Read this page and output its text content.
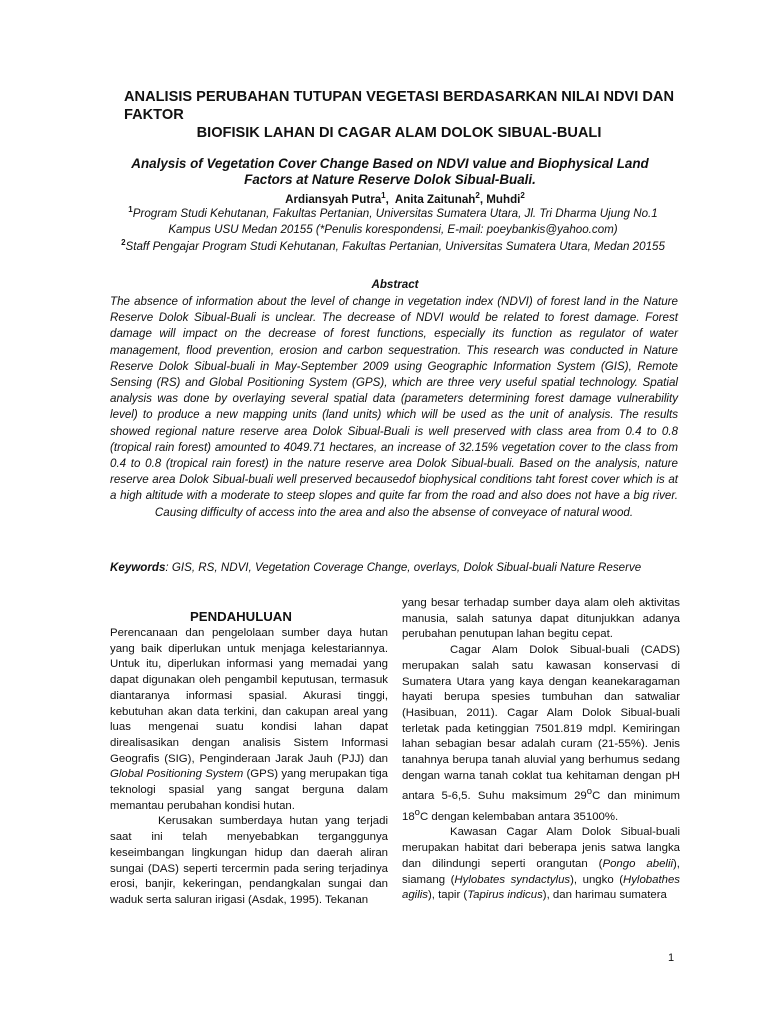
ANALISIS PERUBAHAN TUTUPAN VEGETASI BERDASARKAN NILAI NDVI DAN FAKTOR
BIOFISIK LAHAN DI CAGAR ALAM DOLOK SIBUAL-BUALI
Analysis of Vegetation Cover Change Based on NDVI value and Biophysical Land Factors at Nature Reserve Dolok Sibual-Buali.
Ardiansyah Putra$^1$,  Anita Zaitunah$^2$, Muhdi$^2$
$^1$Program Studi Kehutanan, Fakultas Pertanian, Universitas Sumatera Utara, Jl. Tri Dharma Ujung No.1 Kampus USU Medan 20155 (*Penulis korespondensi, E-mail: poeybankis@yahoo.com)
$^2$Staff Pengajar Program Studi Kehutanan, Fakultas Pertanian, Universitas Sumatera Utara, Medan 20155
Abstract

The absence of information about the level of change in vegetation index (NDVI) of forest land in the Nature Reserve Dolok Sibual-Buali is unclear. The decrease of NDVI would be related to forest damage. Forest damage will impact on the decrease of forest functions, especially its function as regulator of water management, flood prevention, erosion and carbon sequestration. This research was conducted in Nature Reserve Dolok Sibual-buali in May-September 2009 using Geographic Information System (GIS), Remote Sensing (RS) and Global Positioning System (GPS), which are three very useful spatial technology. Spatial analysis was done by overlaying several spatial data (parameters determining forest damage vulnerability level) to produce a new mapping units (land units) which will be used as the unit of analysis. The results showed regional nature reserve area Dolok Sibual-Buali is well preserved with class area from 0.4 to 0.8 (tropical rain forest) amounted to 4049.71 hectares, an increase of 32.15% vegetation cover to the class from 0.4 to 0.8 (tropical rain forest) in the nature reserve area Dolok Sibual-buali. Based on the analysis, nature reserve area Dolok Sibual-buali well preserved becausedof biophysical conditions taht forest cover which is at a high altitude with a moderate to steep slopes and quite far from the road and also does not have a big river. Causing difficulty of access into the area and also the absense of conveyace of natural wood.

Keywords: GIS, RS, NDVI, Vegetation Coverage Change, overlays, Dolok Sibual-buali Nature Reserve
PENDAHULUAN

Perencanaan dan pengelolaan sumber daya hutan yang baik diperlukan untuk menjaga kelestariannya. Untuk itu, diperlukan informasi yang memadai yang dapat digunakan oleh pengambil keputusan, termasuk diantaranya informasi spasial. Akurasi tinggi, kebutuhan akan data terkini, dan cakupan areal yang luas mengenai suatu kondisi lahan dapat direalisasikan dengan analisis Sistem Informasi Geografis (SIG), Penginderaan Jarak Jauh (PJJ) dan Global Positioning System (GPS) yang merupakan tiga teknologi spasial yang sangat berguna dalam memantau perubahan kondisi hutan.

Kerusakan sumberdaya hutan yang terjadi saat ini telah menyebabkan terganggunya keseimbangan lingkungan hidup dan daerah aliran sungai (DAS) seperti tercermin pada sering terjadinya erosi, banjir, kekeringan, pendangkalan sungai dan waduk serta saluran irigasi (Asdak, 1995). Tekanan

yang besar terhadap sumber daya alam oleh aktivitas manusia, salah satunya dapat ditunjukkan adanya perubahan penutupan lahan begitu cepat.

Cagar Alam Dolok Sibual-buali (CADS) merupakan salah satu kawasan konservasi di Sumatera Utara yang kaya dengan keanekaragaman hayati berupa spesies tumbuhan dan satwaliar (Hasibuan, 2011). Cagar Alam Dolok Sibual-buali terletak pada ketinggian 7501.819 mdpl. Kemiringan lahan sebagian besar adalah curam (21-55%). Jenis tanahnya berupa tanah aluvial yang berhumus sedang dengan warna tanah coklat tua kehitaman dengan pH antara 5-6,5. Suhu maksimum 29$^o$C dan minimum 18$^o$C dengan kelembaban antara 35100%.

Kawasan Cagar Alam Dolok Sibual-buali merupakan habitat dari beberapa jenis satwa langka dan dilindungi seperti orangutan (Pongo abelii), siamang (Hylobates syndactylus), ungko (Hylobathes agilis), tapir (Tapirus indicus), dan harimau sumatera

1
